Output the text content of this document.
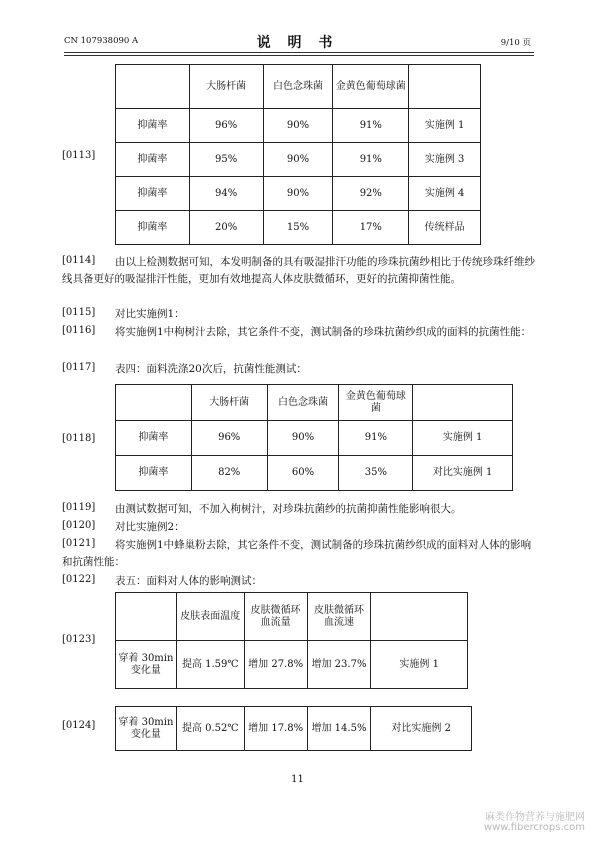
CN 107938090 A	说 明 书	9/10 页
[0113]
	大肠杆菌	白色念珠菌	金黄色葡萄球菌	
抑菌率	96%	90%	91%	实施例 1
抑菌率	95%	90%	91%	实施例 3
抑菌率	94%	90%	92%	实施例 4
抑菌率	20%	15%	17%	传统样品
[0114]	由以上检测数据可知，本发明制备的具有吸湿排汗功能的珍珠抗菌纱相比于传统珍珠纤维纱线具备更好的吸湿排汗性能，更加有效地提高人体皮肤微循环，更好的抗菌抑菌性能。
[0115] 对比实施例1：
[0116]	将实施例1中枸树汁去除，其它条件不变，测试制备的珍珠抗菌纱织成的面料的抗菌性能：
[0117] 表四：面料洗涤20次后，抗菌性能测试：
[0118]
	大肠杆菌	白色念珠菌	金黄色葡萄球菌	
抑菌率	96%	90%	91%	实施例 1
抑菌率	82%	60%	35%	对比实施例 1
[0119] 由测试数据可知，不加入枸树汁，对珍珠抗菌纱的抗菌抑菌性能影响很大。
[0120] 对比实施例2：
[0121]	将实施例1中蜂巢粉去除，其它条件不变，测试制备的珍珠抗菌纱织成的面料对人体的影响和抗菌性能：
[0122] 表五：面料对人体的影响测试：
[0123]
	皮肤表面温度	皮肤微循环血流量	皮肤微循环血流速	
穿着 30min 变化量	提高 1.59℃	增加 27.8%	增加 23.7%	实施例 1
[0124] 穿着 30min 变化量	提高 0.52℃	增加 17.8%	增加 14.5%	对比实施例 2
11
麻类作物营养与施肥网
www.fibercrops.com
